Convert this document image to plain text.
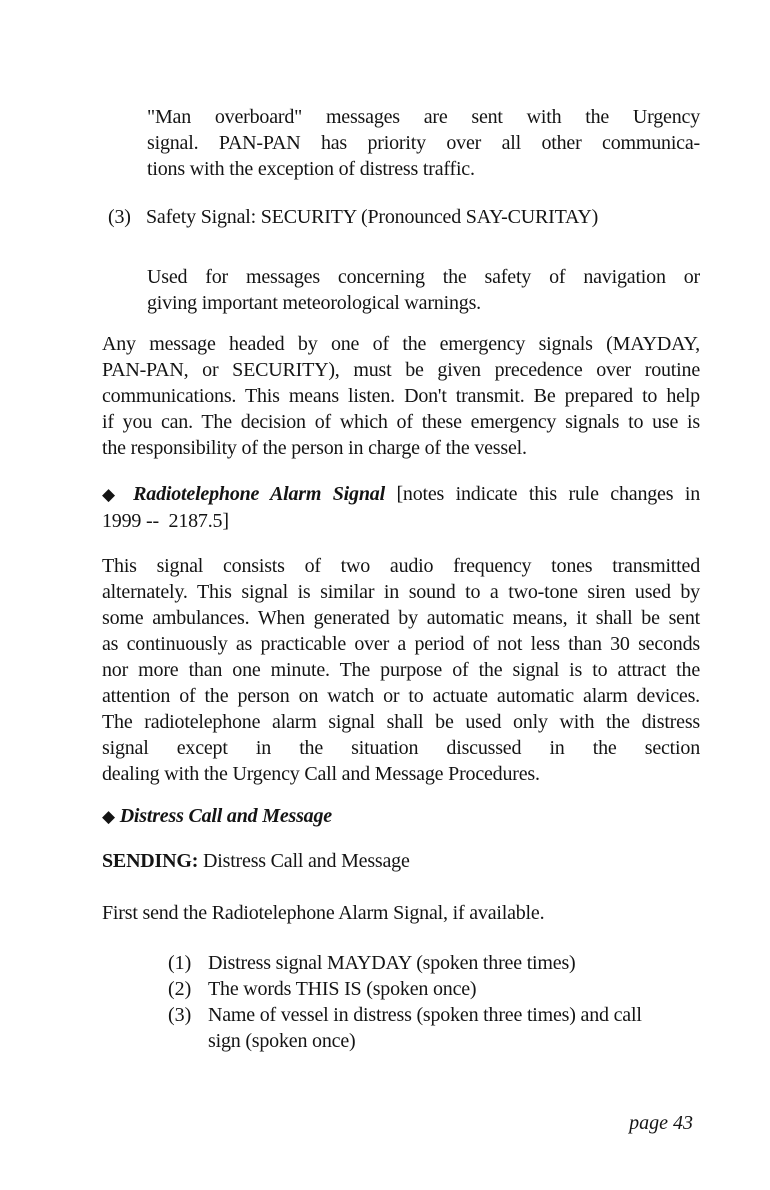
"Man overboard" messages are sent with the Urgency
signal. PAN-PAN has priority over all other communica-
tions with the exception of distress traffic.
(3) Safety Signal: SECURITY (Pronounced SAY-CURITAY)
Used for messages concerning the safety of navigation or
giving important meteorological warnings.
Any message headed by one of the emergency signals (MAYDAY,
PAN-PAN, or SECURITY), must be given precedence over routine
communications. This means listen. Don't transmit. Be prepared to help
if you can. The decision of which of these emergency signals to use is
the responsibility of the person in charge of the vessel.
◆ Radiotelephone Alarm Signal [notes indicate this rule changes in
1999 --  2187.5]
This signal consists of two audio frequency tones transmitted
alternately. This signal is similar in sound to a two-tone siren used by
some ambulances. When generated by automatic means, it shall be sent
as continuously as practicable over a period of not less than 30 seconds
nor more than one minute. The purpose of the signal is to attract the
attention of the person on watch or to actuate automatic alarm devices.
The radiotelephone alarm signal shall be used only with the distress
signal except in the situation discussed in the section
dealing with the Urgency Call and Message Procedures.
◆ Distress Call and Message
SENDING: Distress Call and Message
First send the Radiotelephone Alarm Signal, if available.
(1) Distress signal MAYDAY (spoken three times)
(2) The words THIS IS (spoken once)
(3) Name of vessel in distress (spoken three times) and call
sign (spoken once)
page 43
